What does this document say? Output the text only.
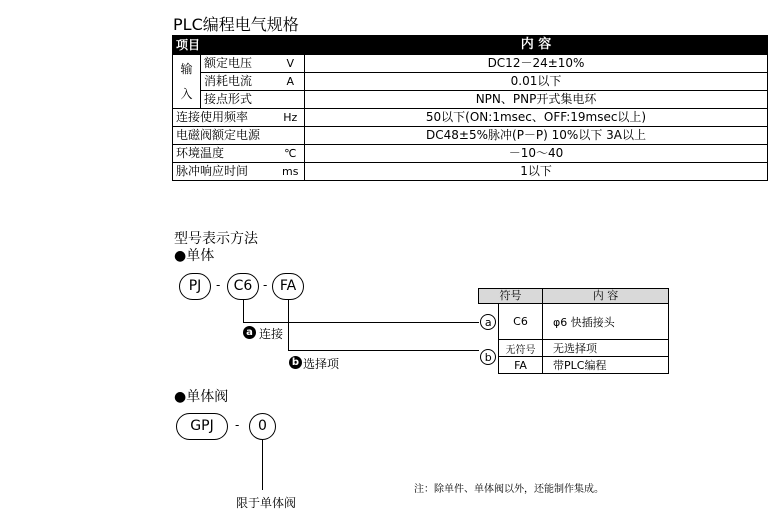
PLC编程电气规格
项目			内 容

输
入	额定电压	V	DC12－24±10%
	消耗电流	A	0.01以下
	接点形式		NPN、PNP开式集电环
连接使用频率		Hz	50以下(ON:1msec、OFF:19msec以上)
电磁阀额定电源			DC48±5%脉冲(P－P) 10%以下 3A以上
环境温度		℃	－10～40
脉冲响应时间		ms	1以下
型号表示方法
●单体
PJ	- C6 - FA
a 连接
b 选择项
符号		内 容
a	C6	φ6 快插接头
b	无符号	无选择项
	FA	带PLC编程
●单体阀
GPJ	-	0
限于单体阀
注：除单件、单体阀以外，还能制作集成。
